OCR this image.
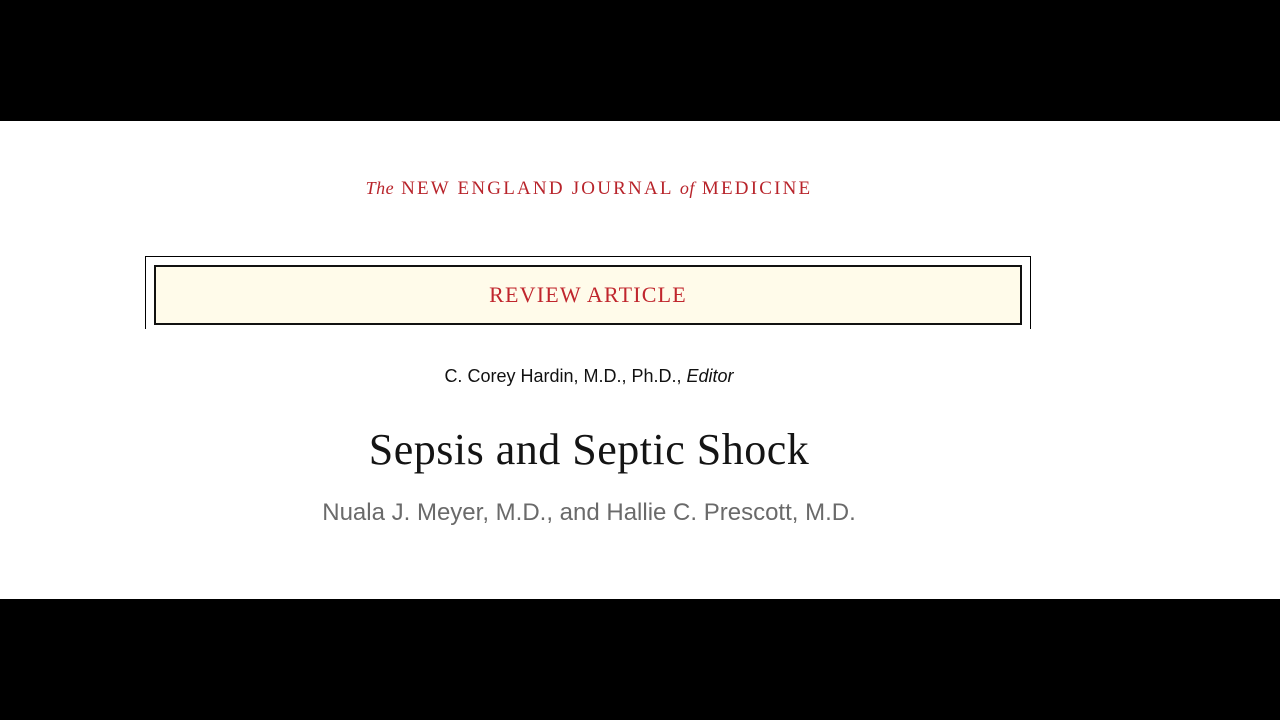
The NEW ENGLAND JOURNAL of MEDICINE
REVIEW ARTICLE
C. Corey Hardin, M.D., Ph.D., Editor
Sepsis and Septic Shock
Nuala J. Meyer, M.D., and Hallie C. Prescott, M.D.
